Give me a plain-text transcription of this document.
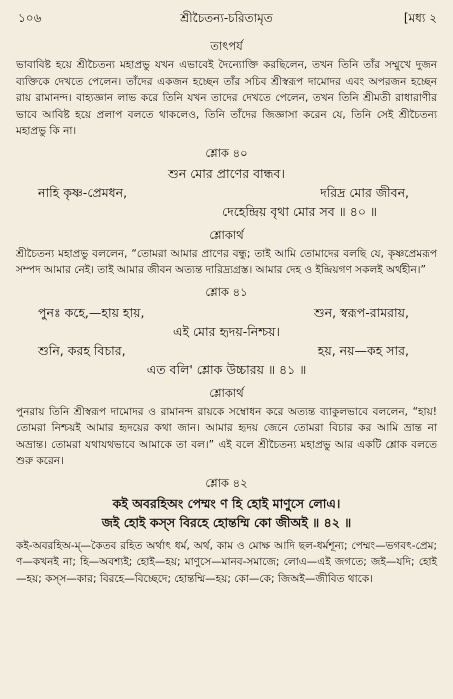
১০৬	শ্রীচৈতন্য-চরিতামৃত	[মধ্য ২
তাৎপর্য

ভাবাবিষ্ট হয়ে শ্রীচৈতন্য মহাপ্রভু যখন এভাবেই দৈন্যোক্তি করছিলেন, তখন তিনি তাঁর সম্মুখে দুজন ব্যক্তিকে দেখতে পেলেন। তাঁদের একজন হচ্ছেন তাঁর সচিব শ্রীস্বরূপ দামোদর এবং অপরজন হচ্ছেন রায় রামানন্দ। বাহ্যজ্ঞান লাভ করে তিনি যখন তাদের দেখতে পেলেন, তখন তিনি শ্রীমতী রাধারাণীর ভাবে আবিষ্ট হয়ে প্রলাপ বলতে থাকলেও, তিনি তাঁদের জিজ্ঞাসা করেন যে, তিনি সেই শ্রীচৈতন্য মহাপ্রভু কি না।

শ্লোক ৪০
শুন মোর প্রাণের বান্ধব।
নাহি কৃষ্ণ-প্রেমধন,	দরিদ্র মোর জীবন,
দেহেন্দ্রিয় বৃথা মোর সব ॥ ৪০ ॥
শ্লোকার্থ

শ্রীচৈতন্য মহাপ্রভু বললেন, “তোমরা আমার প্রাণের বন্ধু; তাই আমি তোমাদের বলছি যে, কৃষ্ণপ্রেমরূপ সম্পদ আমার নেই। তাই আমার জীবন অত্যন্ত দারিদ্র্যগ্রস্ত। আমার দেহ ও ইন্দ্রিয়গণ সকলই অর্থহীন।”

শ্লোক ৪১
পুনঃ কহে,—হায় হায়,	শুন, স্বরূপ-রামরায়,
এই মোর হৃদয়-নিশ্চয়।
শুনি, করহ বিচার,	হয়, নয়—কহ সার,
এত বলি' শ্লোক উচ্চারয় ॥ ৪১ ॥
শ্লোকার্থ

পুনরায় তিনি শ্রীস্বরূপ দামোদর ও রামানন্দ রায়কে সম্বোধন করে অত্যন্ত ব্যাকুলভাবে বললেন, “হায়! তোমরা নিশ্চয়ই আমার হৃদয়ের কথা জান। আমার হৃদয় জেনে তোমরা বিচার কর আমি ভ্রান্ত না অভ্রান্ত। তোমরা যথাযথভাবে আমাকে তা বল।” এই বলে শ্রীচৈতন্য মহাপ্রভু আর একটি শ্লোক বলতে শুরু করেন।

শ্লোক ৪২
কই অবরহিঅং পেম্মং ণ হি হোই মাণুসে লোএ।
জই হোই কস্স বিরহে হোন্তম্মি কো জীঅই ॥ ৪২ ॥

কই-অবরহিঅ-ম্—কৈতব রহিত অর্থাৎ ধর্ম, অর্থ, কাম ও মোক্ষ আদি ছল-ধর্মশূন্য; পেম্মং—ভগবৎ-প্রেম; ণ—কখনই না; হি—অবশ্যই; হোই—হয়; মাণুসে—মানব-সমাজে; লোএ—এই জগতে; জই—যদি; হোই—হয়; কস্স—কার; বিরহে—বিচ্ছেদে; হোন্তম্মি—হয়; কো—কে; জিঅই—জীবিত থাকে।
